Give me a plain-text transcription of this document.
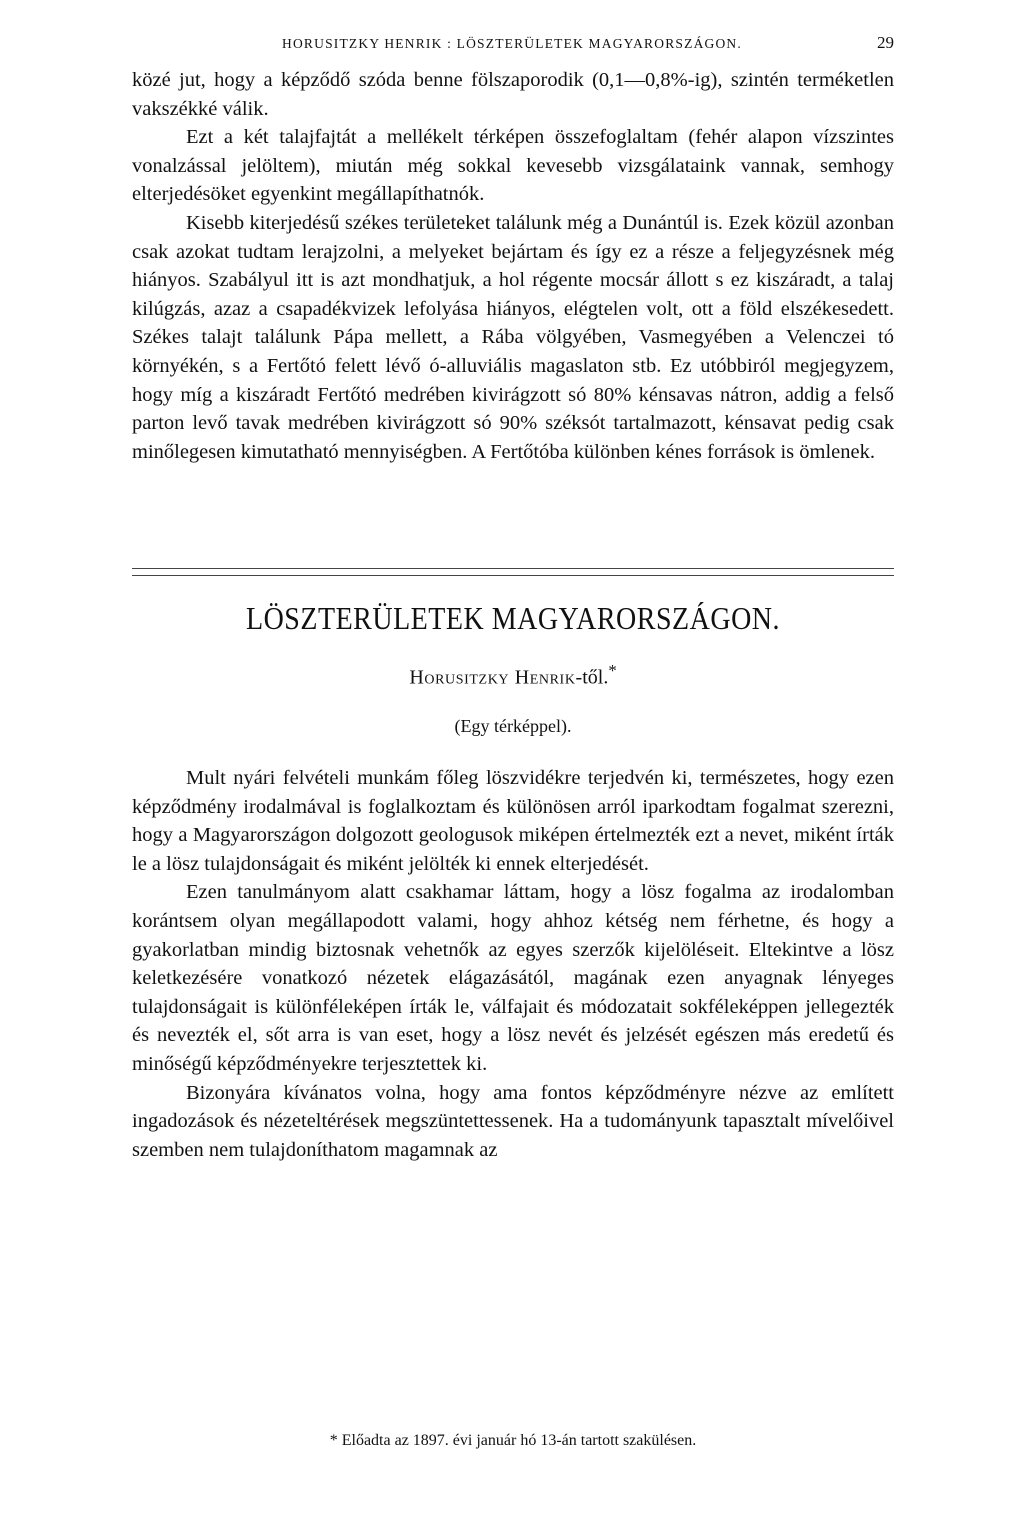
HORUSITZKY HENRIK : LÖSZTERÜLETEK MAGYARORSZÁGON.	29

közé jut, hogy a képződő szóda benne fölszaporodik (0,1—0,8%-ig), szintén terméketlen vakszékké válik.

Ezt a két talajfajtát a mellékelt térképen összefoglaltam (fehér alapon vízszintes vonalzással jelöltem), miután még sokkal kevesebb vizsgálataink vannak, semhogy elterjedésöket egyenkint megállapíthatnók.

Kisebb kiterjedésű székes területeket találunk még a Dunántúl is. Ezek közül azonban csak azokat tudtam lerajzolni, a melyeket bejártam és így ez a része a feljegyzésnek még hiányos. Szabályul itt is azt mondhatjuk, a hol régente mocsár állott s ez kiszáradt, a talaj kilúgzás, azaz a csapadékvizek lefolyása hiányos, elégtelen volt, ott a föld elszékesedett. Székes talajt találunk Pápa mellett, a Rába völgyében, Vasmegyében a Velenczei tó környékén, s a Fertőtó felett lévő ó-alluviális magaslaton stb. Ez utóbbiról megjegyzem, hogy míg a kiszáradt Fertőtó medrében kivirágzott só 80% kénsavas nátron, addig a felső parton levő tavak medrében kivirágzott só 90% széksót tartalmazott, kénsavat pedig csak minőlegesen kimutatható mennyiségben. A Fertőtóba különben kénes források is ömlenek.

LÖSZTERÜLETEK MAGYARORSZÁGON.
Horusitzky Henrik-től.*
(Egy térképpel).

Mult nyári felvételi munkám főleg löszvidékre terjedvén ki, természetes, hogy ezen képződmény irodalmával is foglalkoztam és különösen arról iparkodtam fogalmat szerezni, hogy a Magyarországon dolgozott geologusok miképen értelmezték ezt a nevet, miként írták le a lösz tulajdonságait és miként jelölték ki ennek elterjedését.

Ezen tanulmányom alatt csakhamar láttam, hogy a lösz fogalma az irodalomban korántsem olyan megállapodott valami, hogy ahhoz kétség nem férhetne, és hogy a gyakorlatban mindig biztosnak vehetnők az egyes szerzők kijelöléseit. Eltekintve a lösz keletkezésére vonatkozó nézetek elágazásától, magának ezen anyagnak lényeges tulajdonságait is különféleképen írták le, válfajait és módozatait sokféleképpen jellegezték és nevezték el, sőt arra is van eset, hogy a lösz nevét és jelzését egészen más eredetű és minőségű képződményekre terjesztettek ki.

Bizonyára kívánatos volna, hogy ama fontos képződményre nézve az említett ingadozások és nézeteltérések megszüntettessenek. Ha a tudományunk tapasztalt mívelőivel szemben nem tulajdoníthatom magamnak az

* Előadta az 1897. évi január hó 13-án tartott szakülésen.
